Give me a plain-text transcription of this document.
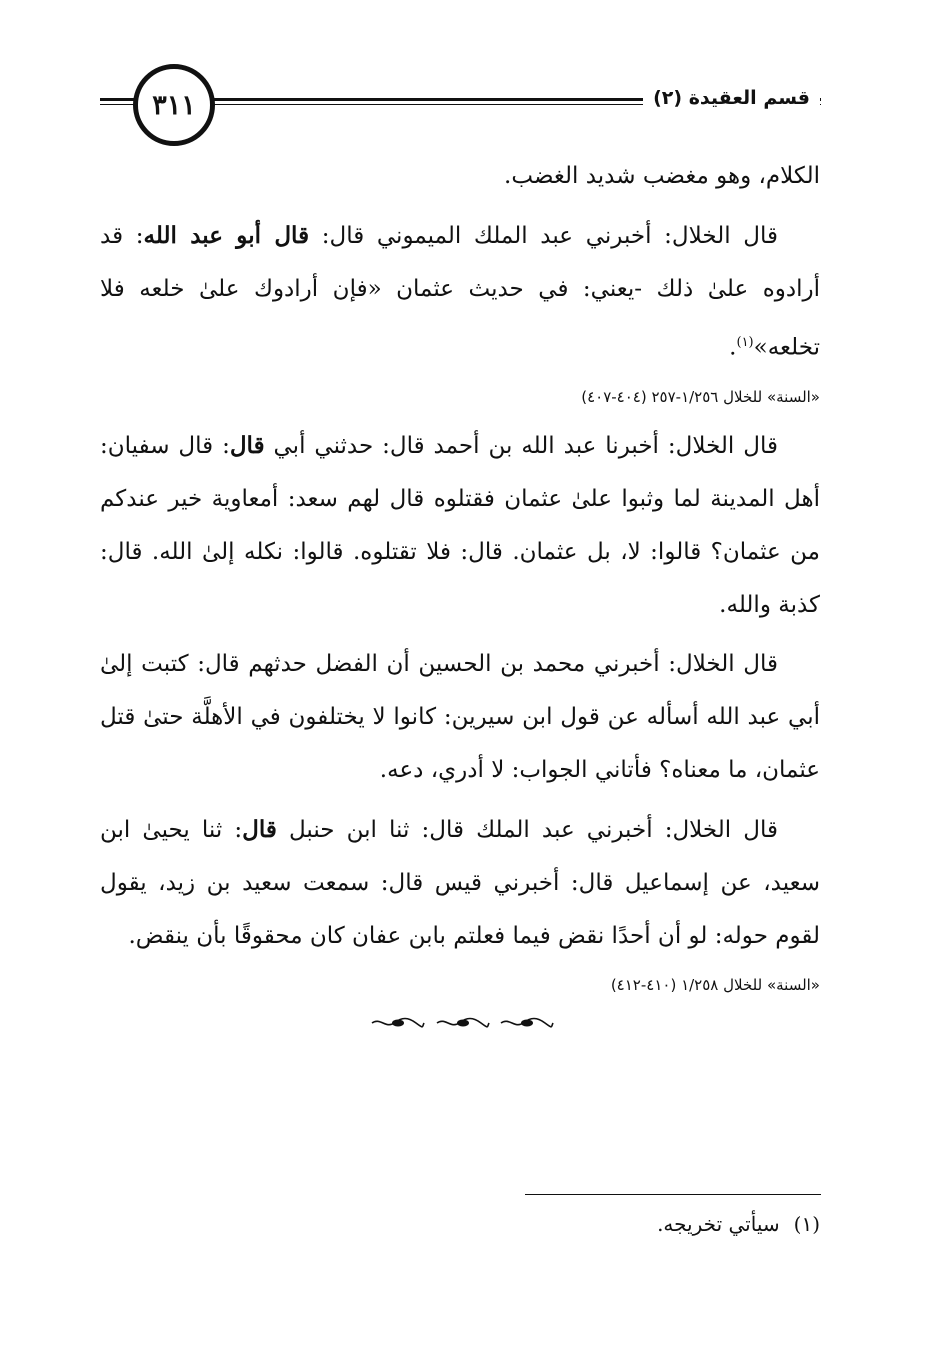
٣١١	قسم العقيدة (٢)

الكلام، وهو مغضب شديد الغضب.

قال الخلال: أخبرني عبد الملك الميموني قال: قال أبو عبد الله: قد أرادوه علىٰ ذلك -يعني: في حديث عثمان «فإن أرادوك علىٰ خلعه فلا تخلعه»$^{(١)}$.

«السنة» للخلال ١/٢٥٦-٢٥٧ (٤٠٤-٤٠٧)

قال الخلال: أخبرنا عبد الله بن أحمد قال: حدثني أبي قال: قال سفيان: أهل المدينة لما وثبوا علىٰ عثمان فقتلوه قال لهم سعد: أمعاوية خير عندكم من عثمان؟ قالوا: لا، بل عثمان. قال: فلا تقتلوه. قالوا: نكله إلىٰ الله. قال: كذبة والله.

قال الخلال: أخبرني محمد بن الحسين أن الفضل حدثهم قال: كتبت إلىٰ أبي عبد الله أسأله عن قول ابن سيرين: كانوا لا يختلفون في الأهلَّة حتىٰ قتل عثمان، ما معناه؟ فأتاني الجواب: لا أدري، دعه.

قال الخلال: أخبرني عبد الملك قال: ثنا ابن حنبل قال: ثنا يحيىٰ ابن سعيد، عن إسماعيل قال: أخبرني قيس قال: سمعت سعيد بن زيد، يقول لقوم حوله: لو أن أحدًا نقض فيما فعلتم بابن عفان كان محقوقًا بأن ينقض.

«السنة» للخلال ١/٢٥٨ (٤١٠-٤١٢)
(١)سيأتي تخريجه.
